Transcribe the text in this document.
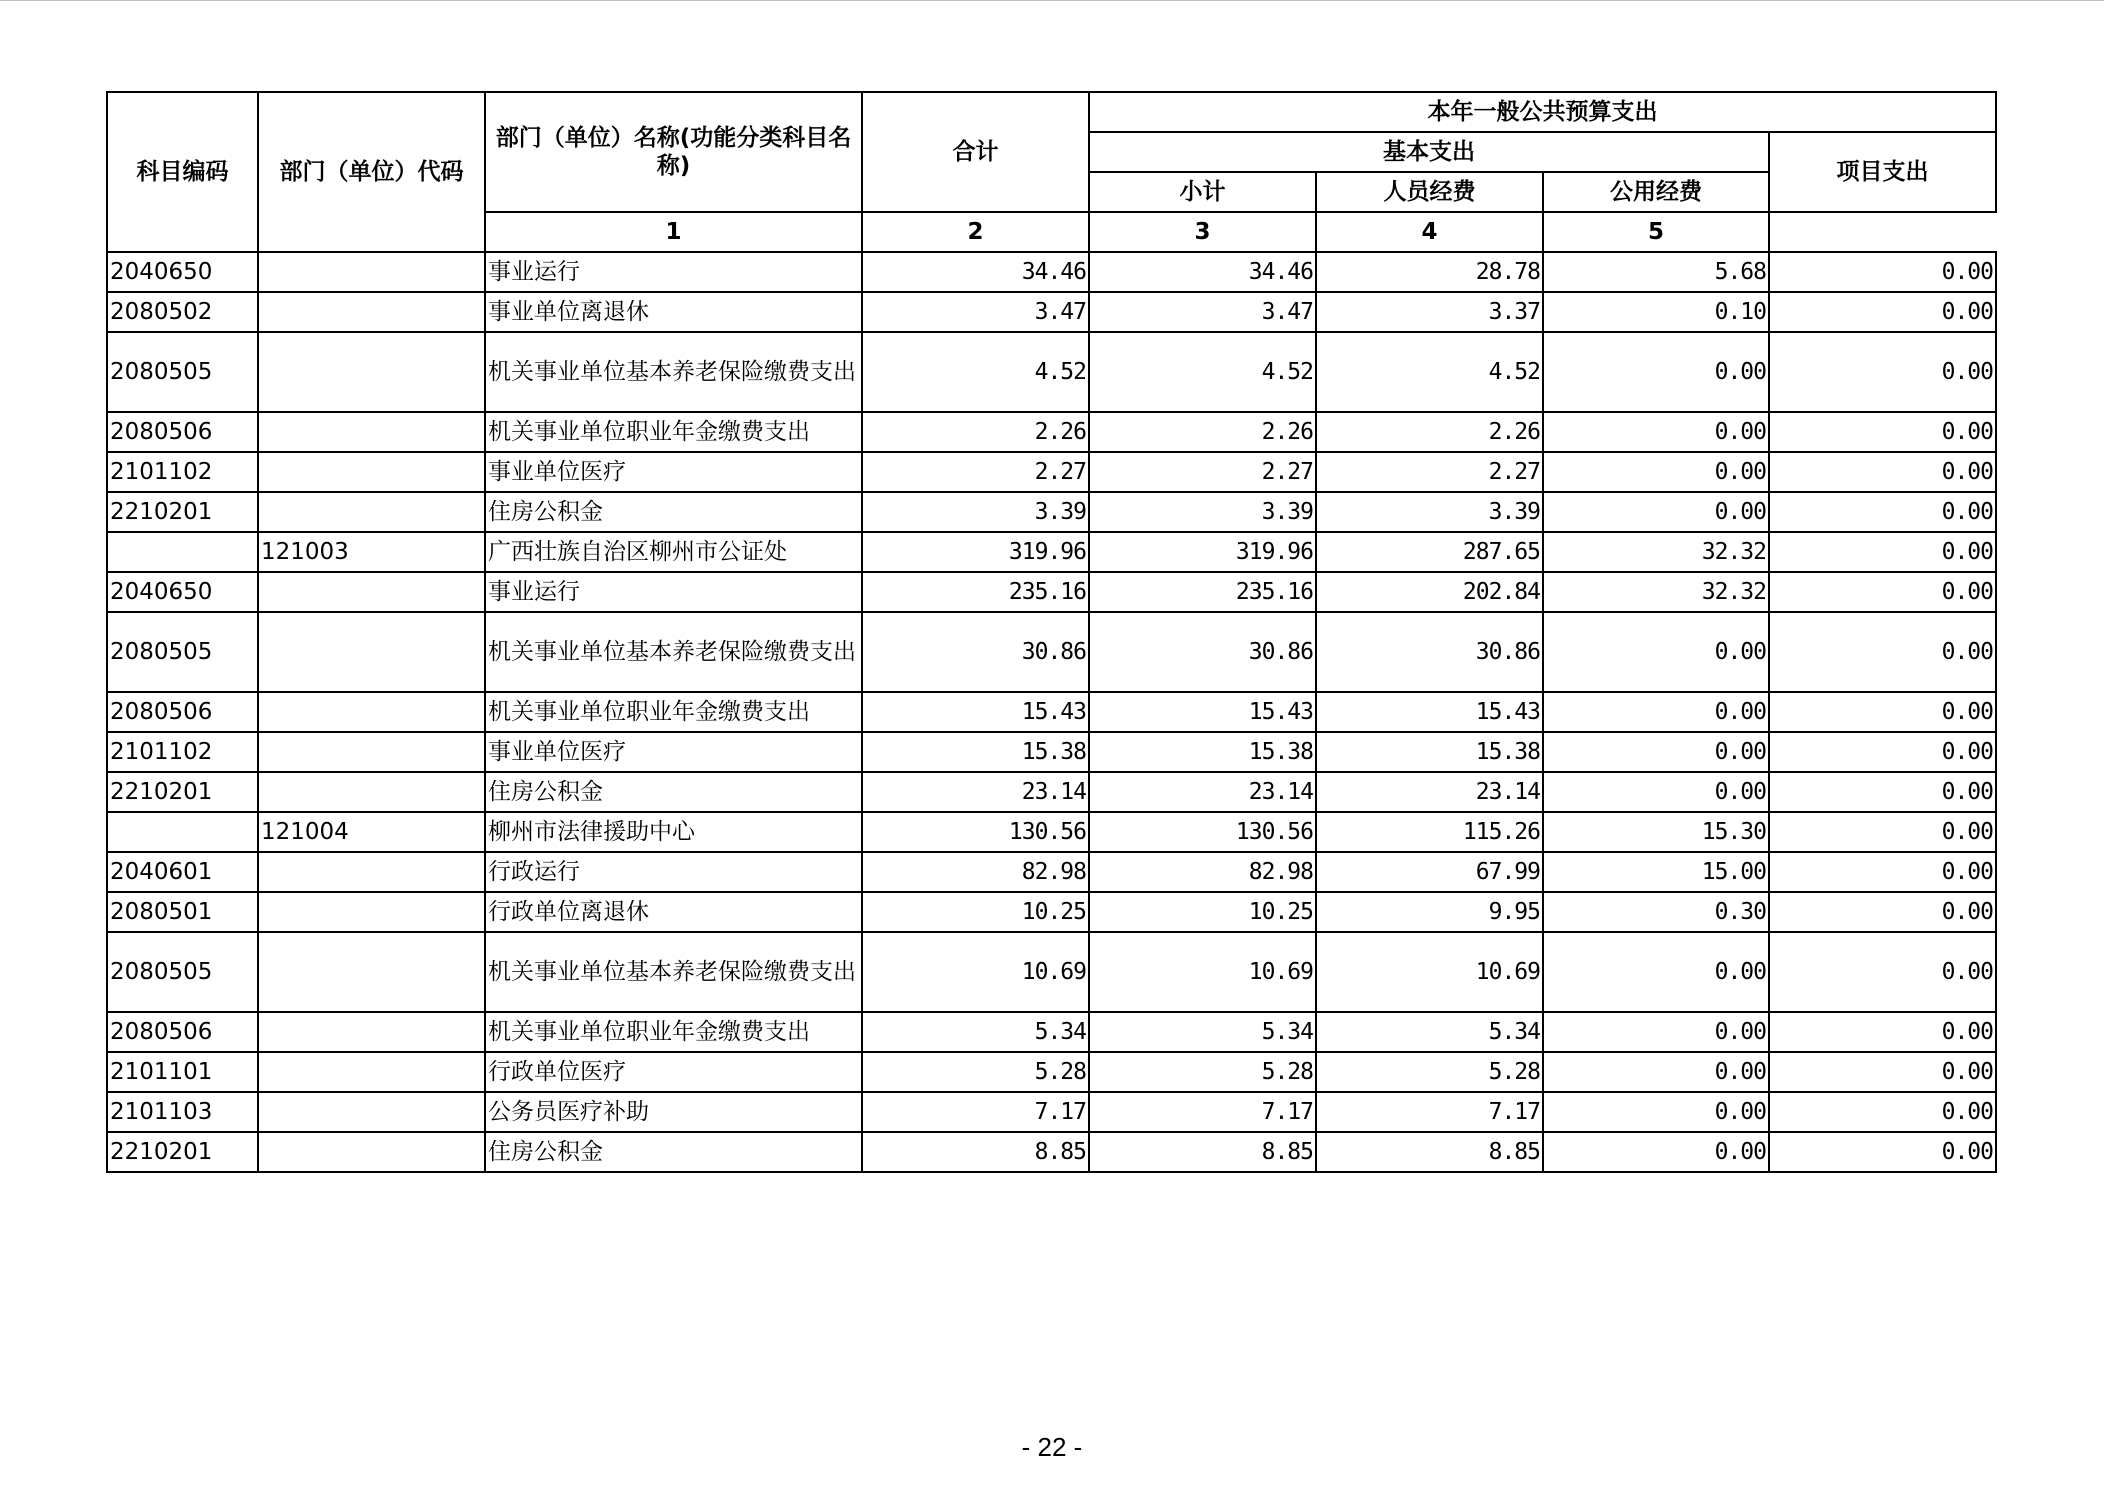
科目编码	部门（单位）代码	部门（单位）名称(功能分类科目名称)	合计	本年一般公共预算支出			
				基本支出			项目支出
				小计	人员经费	公用经费	
		1	2	3	4	5	
2040650		事业运行	34.46	34.46	28.78	5.68	0.00
2080502		事业单位离退休	3.47	3.47	3.37	0.10	0.00
2080505		机关事业单位基本养老保险缴费支出	4.52	4.52	4.52	0.00	0.00
2080506		机关事业单位职业年金缴费支出	2.26	2.26	2.26	0.00	0.00
2101102		事业单位医疗	2.27	2.27	2.27	0.00	0.00
2210201		住房公积金	3.39	3.39	3.39	0.00	0.00
	121003	广西壮族自治区柳州市公证处	319.96	319.96	287.65	32.32	0.00
2040650		事业运行	235.16	235.16	202.84	32.32	0.00
2080505		机关事业单位基本养老保险缴费支出	30.86	30.86	30.86	0.00	0.00
2080506		机关事业单位职业年金缴费支出	15.43	15.43	15.43	0.00	0.00
2101102		事业单位医疗	15.38	15.38	15.38	0.00	0.00
2210201		住房公积金	23.14	23.14	23.14	0.00	0.00
	121004	柳州市法律援助中心	130.56	130.56	115.26	15.30	0.00
2040601		行政运行	82.98	82.98	67.99	15.00	0.00
2080501		行政单位离退休	10.25	10.25	9.95	0.30	0.00
2080505		机关事业单位基本养老保险缴费支出	10.69	10.69	10.69	0.00	0.00
2080506		机关事业单位职业年金缴费支出	5.34	5.34	5.34	0.00	0.00
2101101		行政单位医疗	5.28	5.28	5.28	0.00	0.00
2101103		公务员医疗补助	7.17	7.17	7.17	0.00	0.00
2210201		住房公积金	8.85	8.85	8.85	0.00	0.00
- 22 -
